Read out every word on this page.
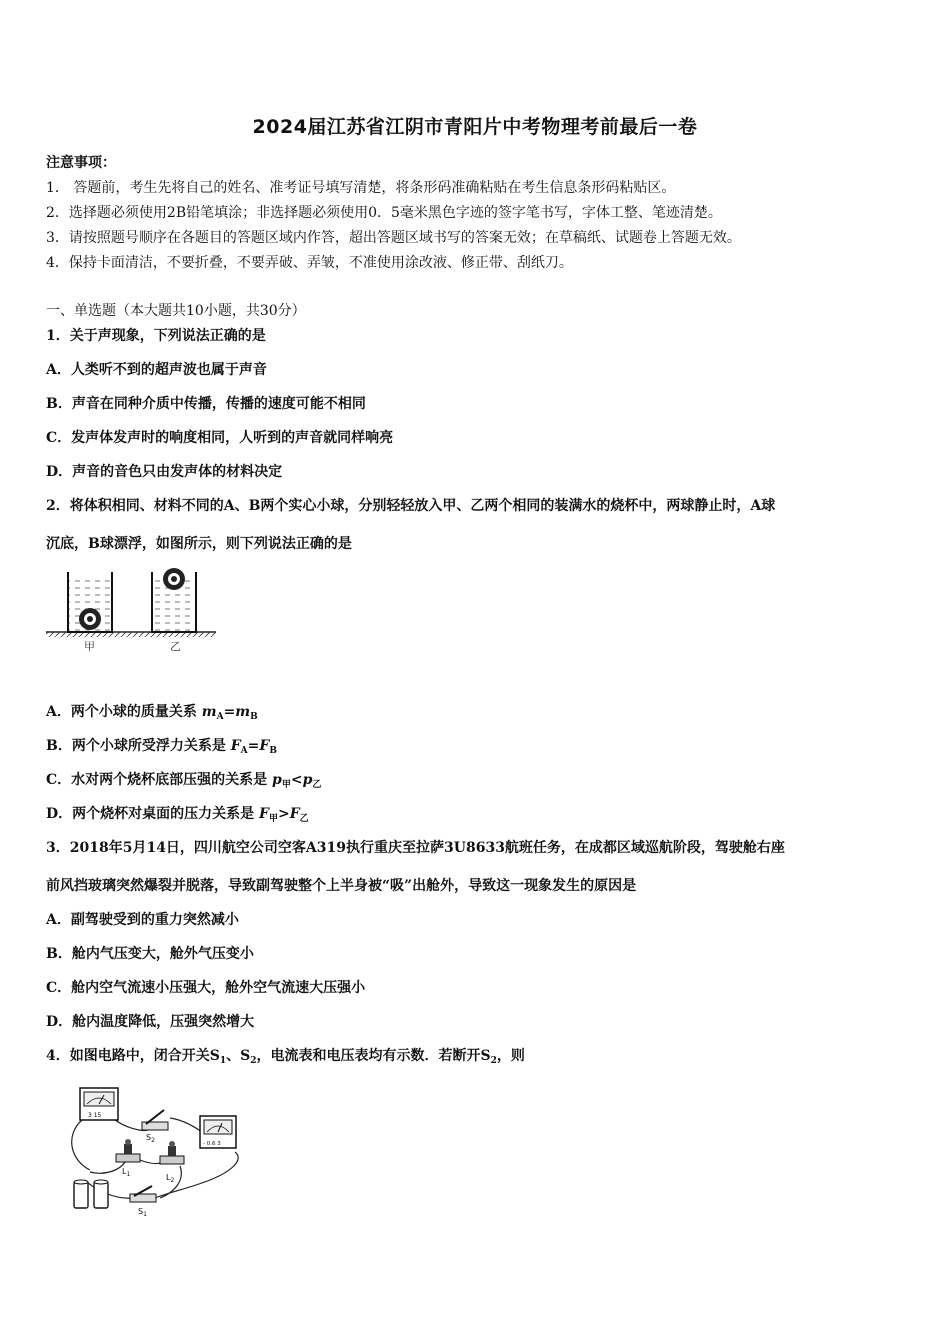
2024届江苏省江阴市青阳片中考物理考前最后一卷
注意事项：
1． 答题前，考生先将自己的姓名、准考证号填写清楚，将条形码准确粘贴在考生信息条形码粘贴区。
2．选择题必须使用2B铅笔填涂；非选择题必须使用0．5毫米黑色字迹的签字笔书写，字体工整、笔迹清楚。
3．请按照题号顺序在各题目的答题区域内作答，超出答题区域书写的答案无效；在草稿纸、试题卷上答题无效。
4．保持卡面清洁，不要折叠，不要弄破、弄皱，不准使用涂改液、修正带、刮纸刀。
一、单选题（本大题共10小题，共30分）
1．关于声现象，下列说法正确的是
A．人类听不到的超声波也属于声音
B．声音在同种介质中传播，传播的速度可能不相同
C．发声体发声时的响度相同，人听到的声音就同样响亮
D．声音的音色只由发声体的材料决定
2．将体积相同、材料不同的A、B两个实心小球，分别轻轻放入甲、乙两个相同的装满水的烧杯中，两球静止时，A球
沉底，B球漂浮，如图所示，则下列说法正确的是
甲	乙
A．两个小球的质量关系 $m_A=m_B$
B．两个小球所受浮力关系是 $F_A=F_B$
C．水对两个烧杯底部压强的关系是 $p_甲<p_乙$
D．两个烧杯对桌面的压力关系是 $F_甲>F_乙$
3．2018年5月14日，四川航空公司空客A319执行重庆至拉萨3U8633航班任务，在成都区域巡航阶段，驾驶舱右座
前风挡玻璃突然爆裂并脱落，导致副驾驶整个上半身被“吸”出舱外，导致这一现象发生的原因是
A．副驾驶受到的重力突然减小
B．舱内气压变大，舱外气压变小
C．舱内空气流速小压强大，舱外空气流速大压强小
D．舱内温度降低，压强突然增大
4．如图电路中，闭合开关$S_1$、$S_2$，电流表和电压表均有示数．若断开$S_2$，则
3 15
$S_2$	- 0.6 3
$L_1$	$L_2$
$S_1$
